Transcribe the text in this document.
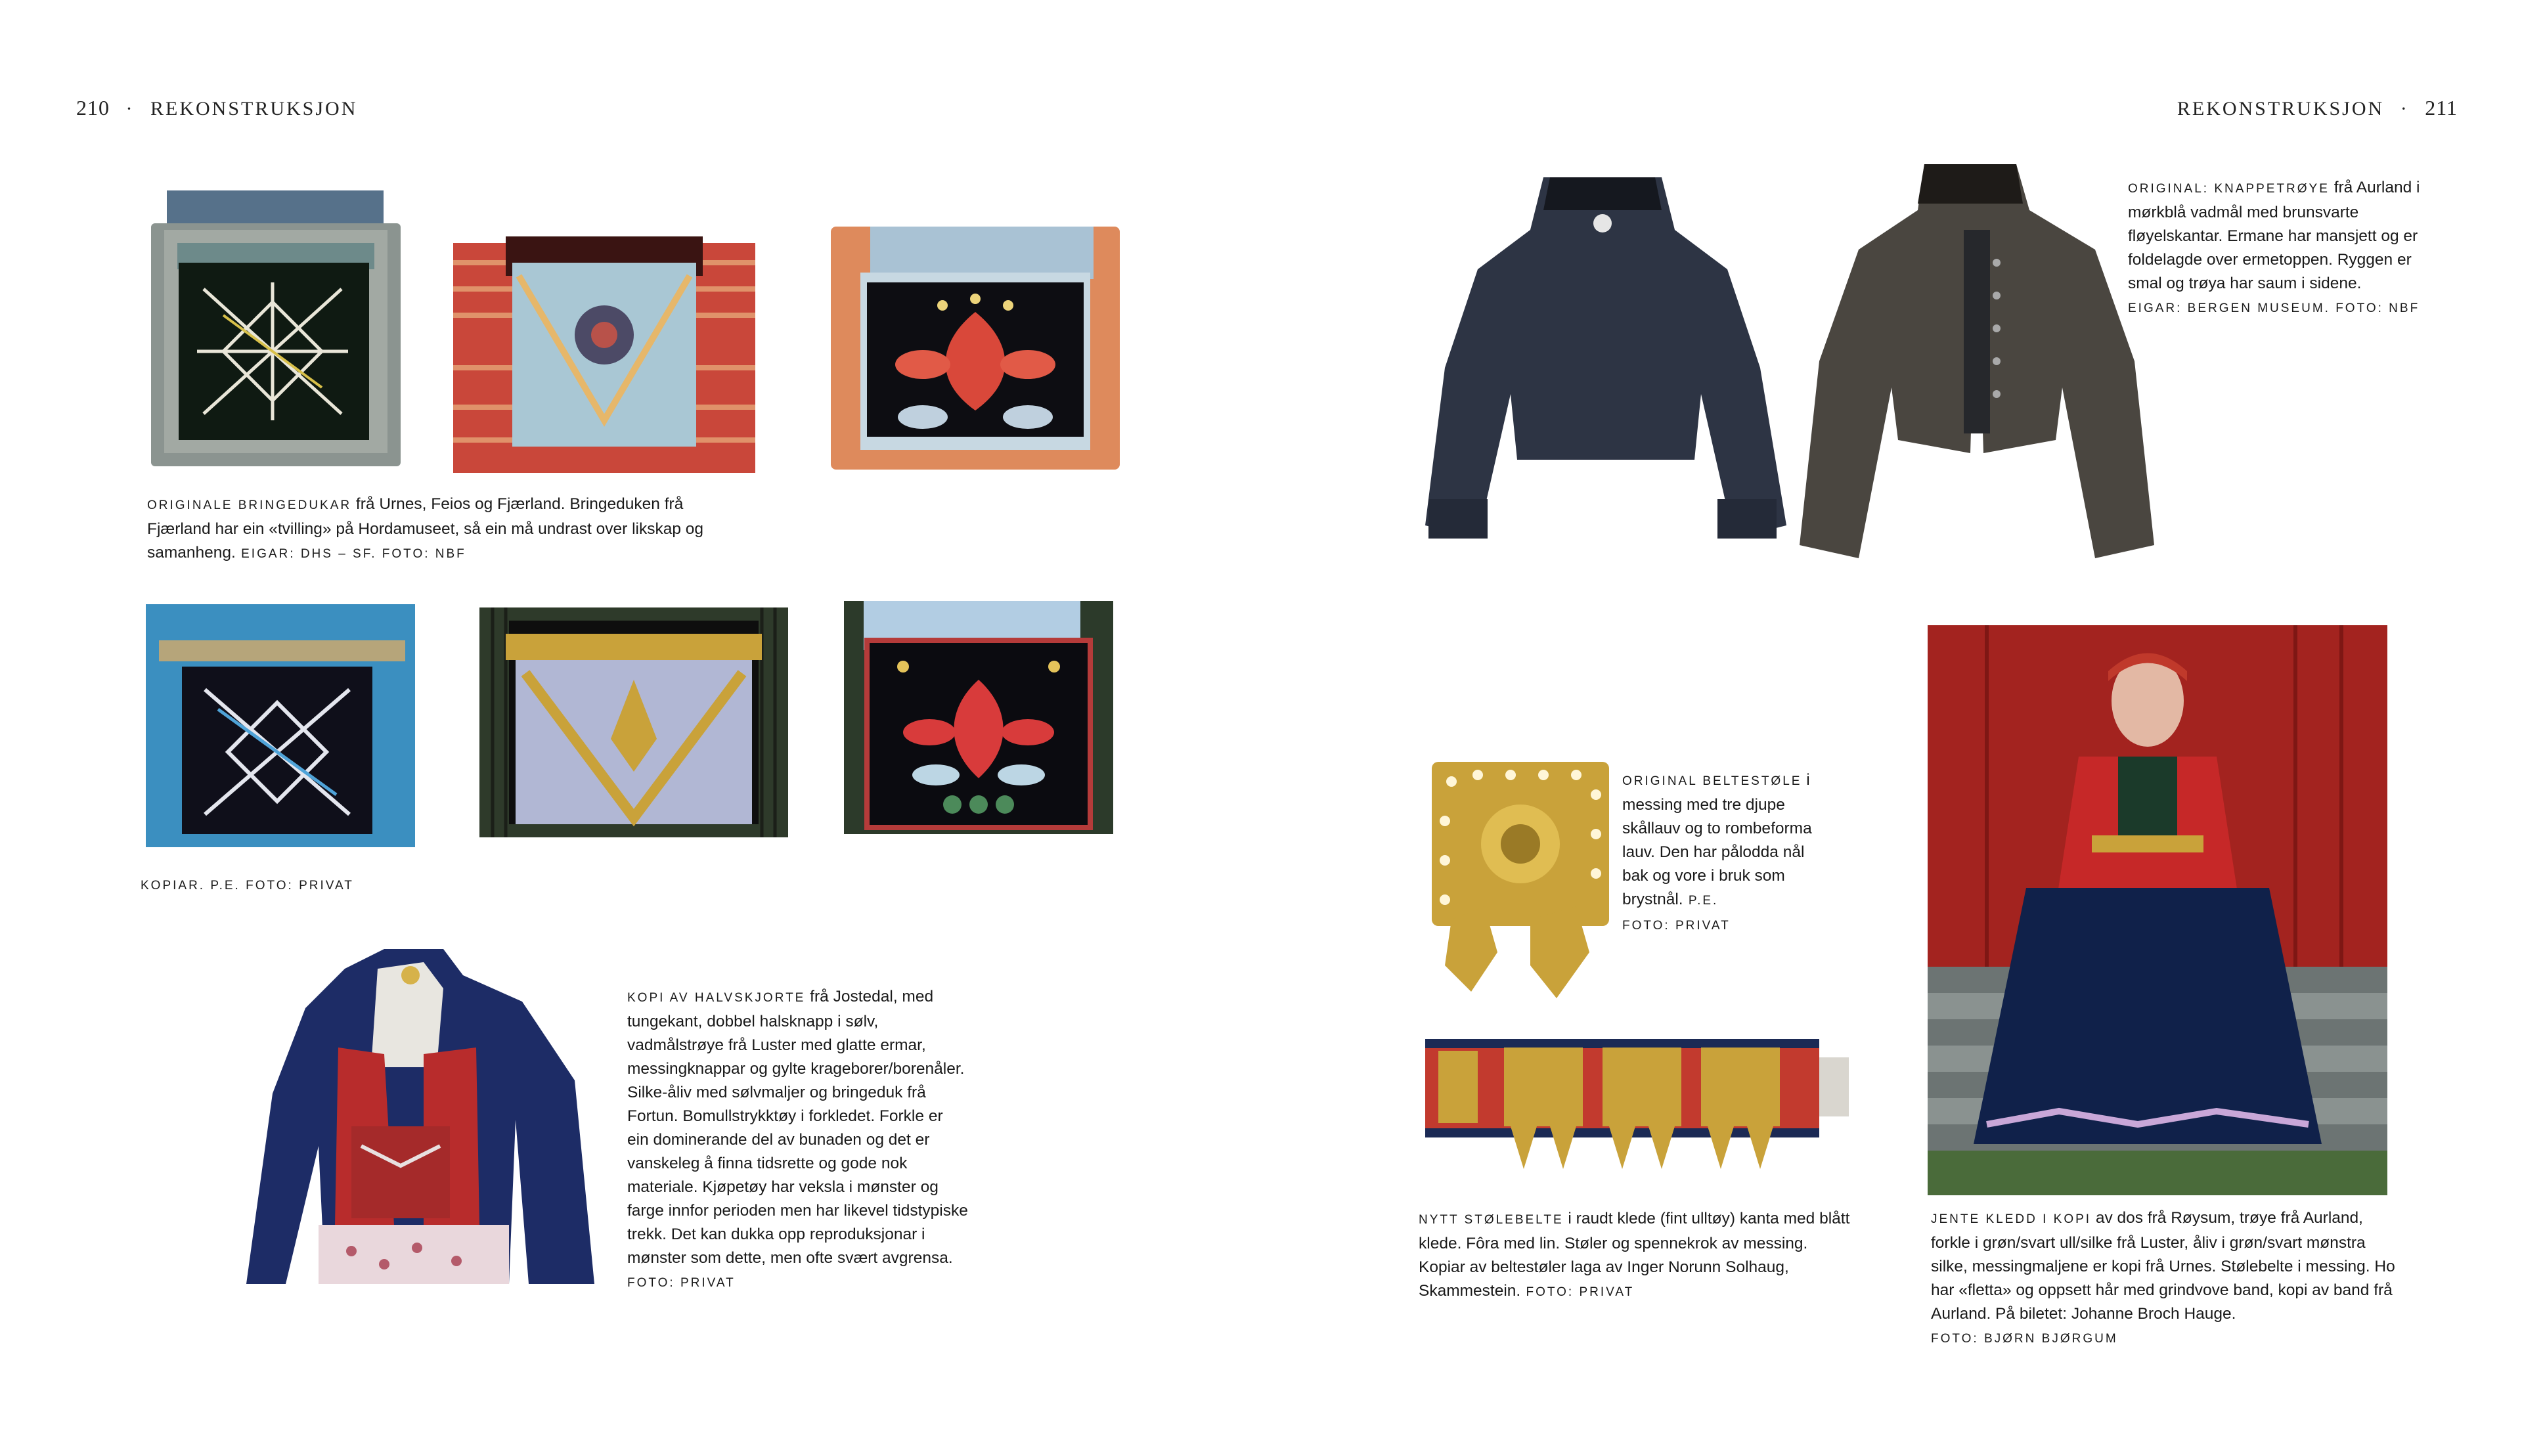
210 · REKONSTRUKSJON	REKONSTRUKSJON · 211

ORIGINALE BRINGEDUKAR frå Urnes, Feios og Fjærland. Bringeduken frå Fjærland har ein «tvilling» på Hordamuseet, så ein må undrast over likskap og samanheng. EIGAR: DHS – SF. FOTO: NBF

KOPIAR. P.E. FOTO: PRIVAT

KOPI AV HALVSKJORTE frå Jostedal, med tungekant, dobbel halsknapp i sølv, vadmålstrøye frå Luster med glatte ermar, messingknappar og gylte krageborer/borenåler. Silke-åliv med sølvmaljer og bringeduk frå Fortun. Bomullstrykktøy i forkledet. Forkle er ein dominerande del av bunaden og det er vanskeleg å finna tidsrette og gode nok materiale. Kjøpetøy har veksla i mønster og farge innfor perioden men har likevel tidstypiske trekk. Det kan dukka opp reproduksjonar i mønster som dette, men ofte svært avgrensa.
FOTO: PRIVAT

ORIGINAL: KNAPPETRØYE frå Aurland i mørkblå vadmål med brunsvarte fløyelskantar. Ermane har mansjett og er foldelagde over ermetoppen. Ryggen er smal og trøya har saum i sidene.
EIGAR: BERGEN MUSEUM. FOTO: NBF

ORIGINAL BELTESTØLE i messing med tre djupe skållauv og to rombeforma lauv. Den har pålodda nål bak og vore i bruk som brystnål. P.E.
FOTO: PRIVAT

NYTT STØLEBELTE i raudt klede (fint ulltøy) kanta med blått klede. Fôra med lin. Støler og spennekrok av messing. Kopiar av beltestøler laga av Inger Norunn Solhaug, Skammestein. FOTO: PRIVAT

JENTE KLEDD I KOPI av dos frå Røysum, trøye frå Aurland, forkle i grøn/svart ull/silke frå Luster, åliv i grøn/svart mønstra silke, messingmaljene er kopi frå Urnes. Stølebelte i messing. Ho har «fletta» og oppsett hår med grindvove band, kopi av band frå Aurland. På biletet: Johanne Broch Hauge.
FOTO: BJØRN BJØRGUM
